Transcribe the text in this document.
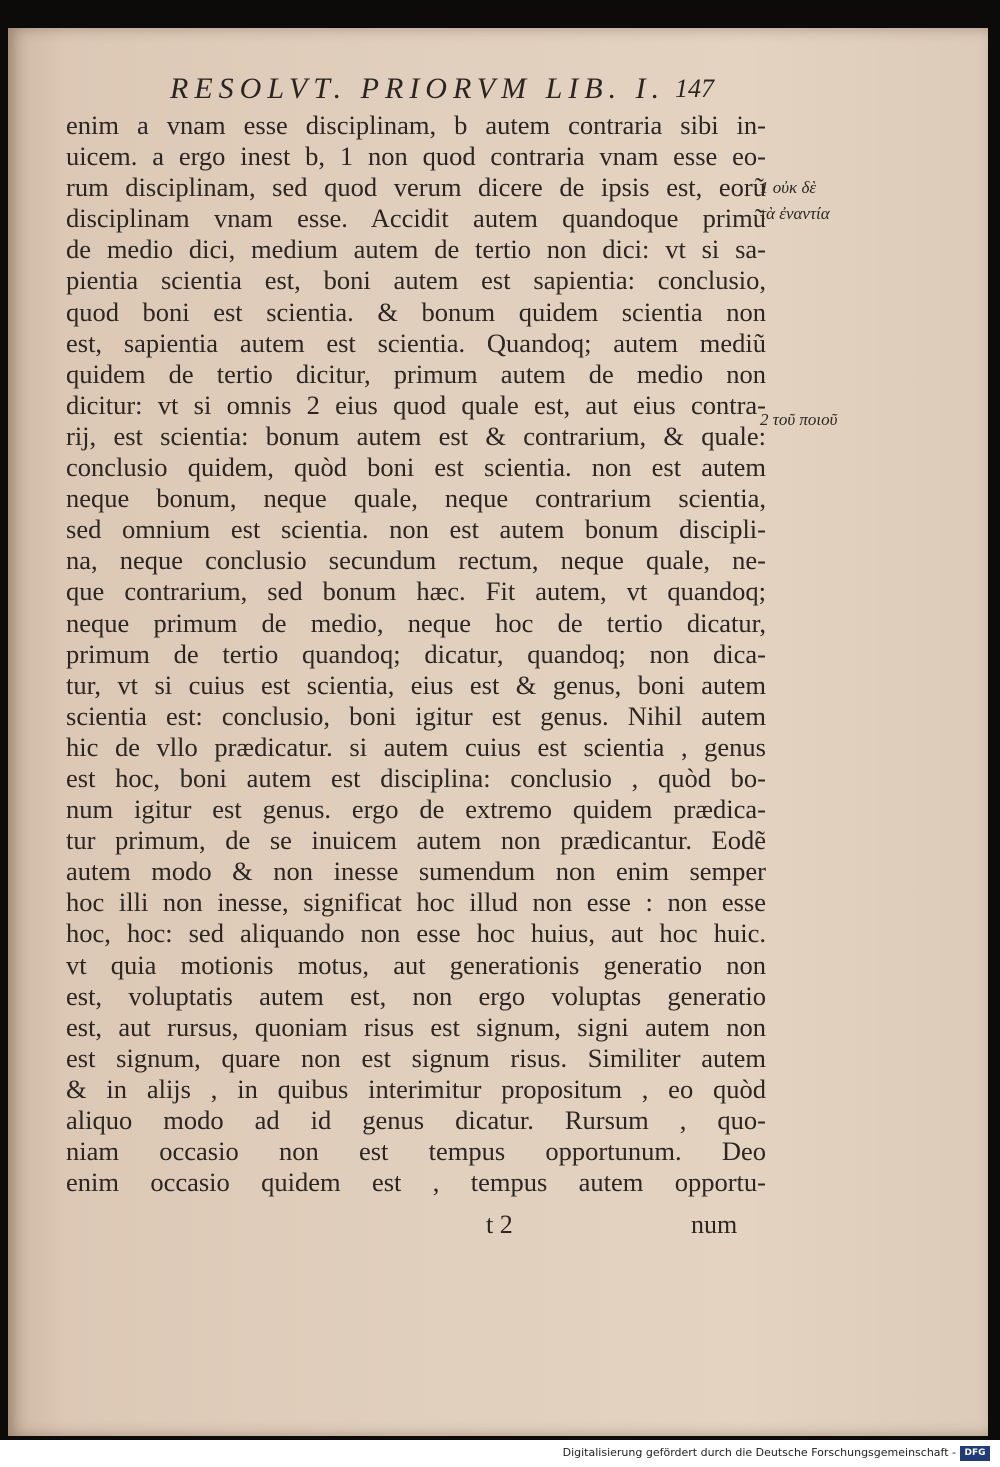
RESOLVT. PRIORVM LIB. I. 147
enim a vnam esse disciplinam, b autem contraria sibi in-
uicem. a ergo inest b, 1 non quod contraria vnam esse eo-
rum disciplinam, sed quod verum dicere de ipsis est, eorũ
disciplinam vnam esse. Accidit autem quandoque primũ
de medio dici, medium autem de tertio non dici: vt si sa-
pientia scientia est, boni autem est sapientia: conclusio,
quod boni est scientia. & bonum quidem scientia non
est, sapientia autem est scientia. Quandoq; autem mediũ
quidem de tertio dicitur, primum autem de medio non
dicitur: vt si omnis 2 eius quod quale est, aut eius contra-
rij, est scientia: bonum autem est & contrarium, & quale:
conclusio quidem, quòd boni est scientia. non est autem
neque bonum, neque quale, neque contrarium scientia,
sed omnium est scientia. non est autem bonum discipli-
na, neque conclusio secundum rectum, neque quale, ne-
que contrarium, sed bonum hæc. Fit autem, vt quandoq;
neque primum de medio, neque hoc de tertio dicatur,
primum de tertio quandoq; dicatur, quandoq; non dica-
tur, vt si cuius est scientia, eius est & genus, boni autem
scientia est: conclusio, boni igitur est genus. Nihil autem
hic de vllo prædicatur. si autem cuius est scientia , genus
est hoc, boni autem est disciplina: conclusio , quòd bo-
num igitur est genus. ergo de extremo quidem prædica-
tur primum, de se inuicem autem non prædicantur. Eodẽ
autem modo & non inesse sumendum non enim semper
hoc illi non inesse, significat hoc illud non esse : non esse
hoc, hoc: sed aliquando non esse hoc huius, aut hoc huic.
vt quia motionis motus, aut generationis generatio non
est, voluptatis autem est, non ergo voluptas generatio
est, aut rursus, quoniam risus est signum, signi autem non
est signum, quare non est signum risus. Similiter autem
& in alijs , in quibus interimitur propositum , eo quòd
aliquo modo ad id genus dicatur. Rursum , quo-
niam occasio non est tempus opportunum. Deo
enim occasio quidem est , tempus autem opportu-
1 οὐκ δὲ
τὰ ἐναντία
2 τοῦ ποιοῦ
t 2	num
Digitalisierung gefördert durch die Deutsche Forschungsgemeinschaft - DFG
